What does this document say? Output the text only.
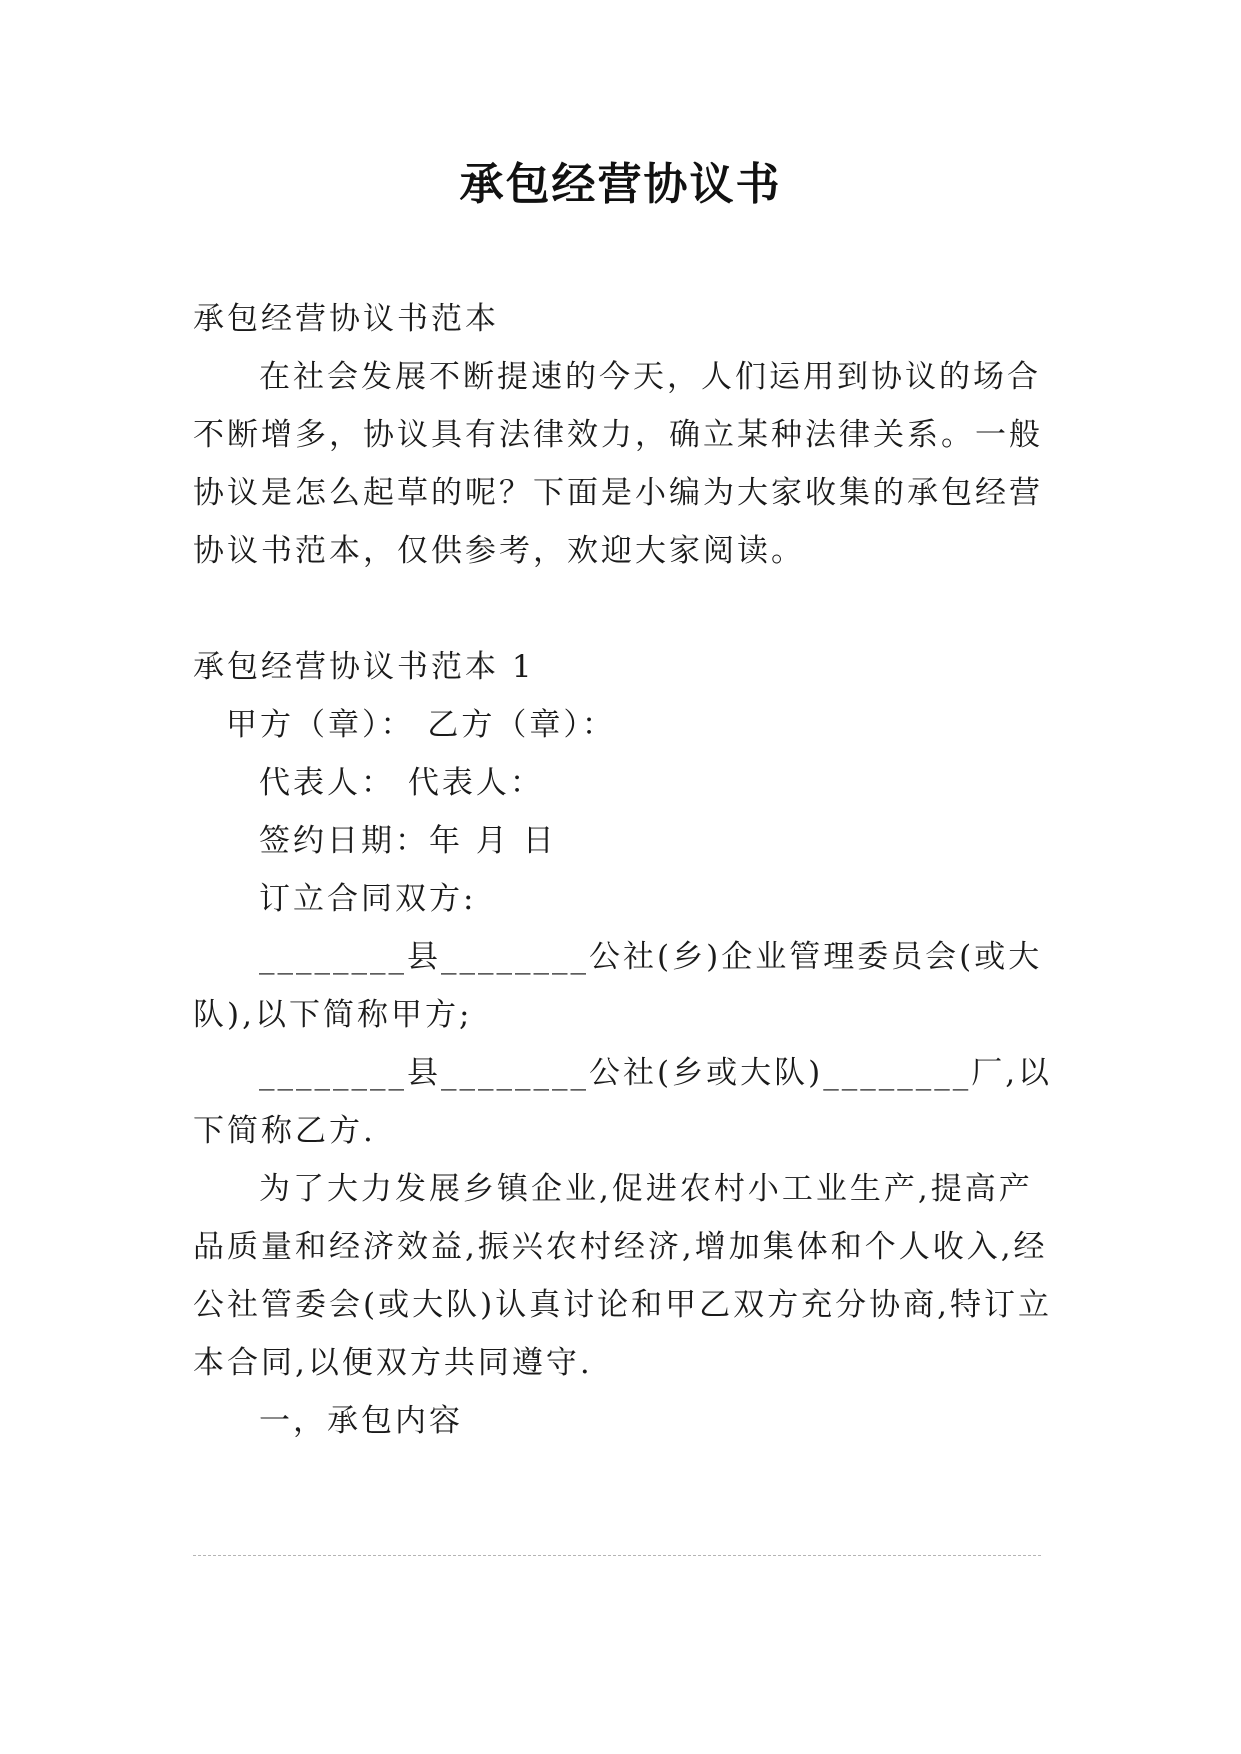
承包经营协议书

承包经营协议书范本

在社会发展不断提速的今天，人们运用到协议的场合不断增多，协议具有法律效力，确立某种法律关系。一般协议是怎么起草的呢？下面是小编为大家收集的承包经营协议书范本，仅供参考，欢迎大家阅读。

承包经营协议书范本 1

甲方（章）： 乙方（章）：

代表人： 代表人：

签约日期：年 月 日

订立合同双方:

________县________公社(乡)企业管理委员会(或大队),以下简称甲方;

________县________公社(乡或大队)________厂,以下简称乙方.

为了大力发展乡镇企业,促进农村小工业生产,提高产品质量和经济效益,振兴农村经济,增加集体和个人收入,经公社管委会(或大队)认真讨论和甲乙双方充分协商,特订立本合同,以便双方共同遵守.

一，承包内容
